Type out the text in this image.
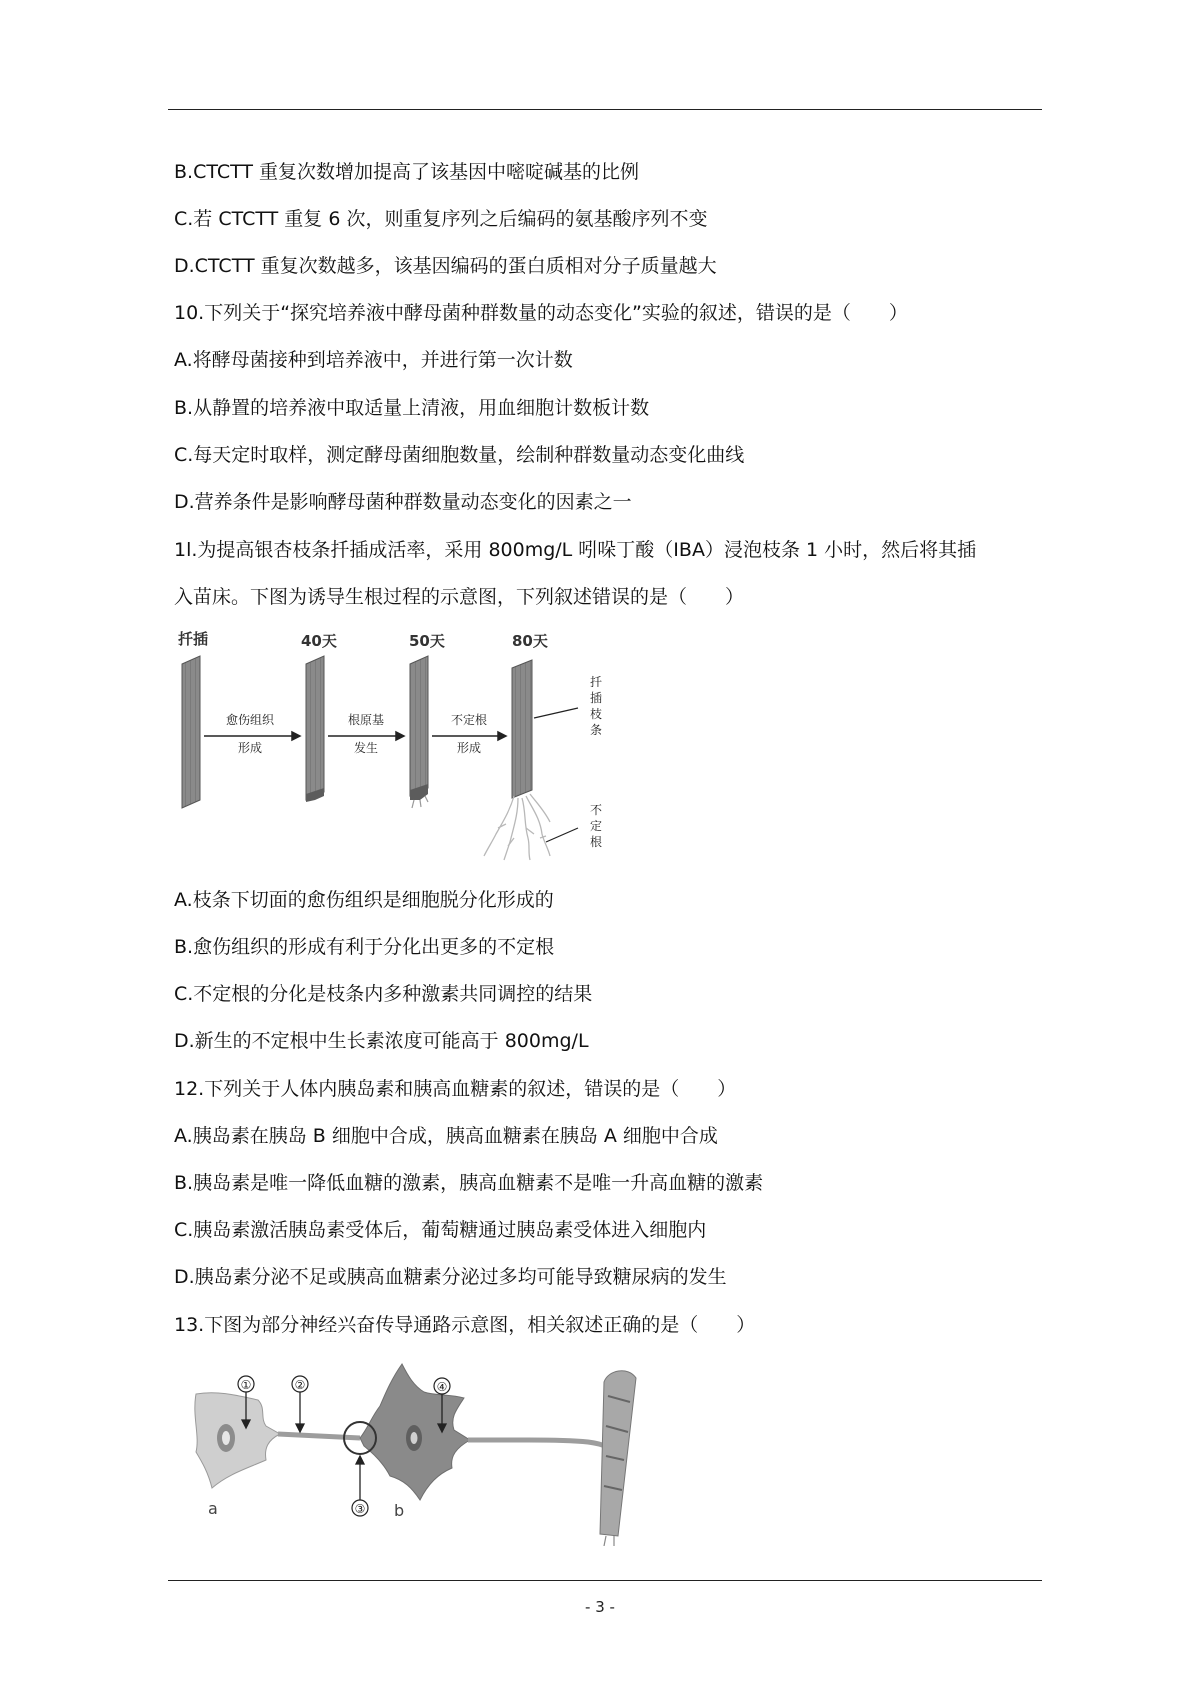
B.CTCTT 重复次数增加提高了该基因中嘧啶碱基的比例
C.若 CTCTT 重复 6 次，则重复序列之后编码的氨基酸序列不变
D.CTCTT 重复次数越多，该基因编码的蛋白质相对分子质量越大
10.下列关于“探究培养液中酵母菌种群数量的动态变化”实验的叙述，错误的是（　　）
A.将酵母菌接种到培养液中，并进行第一次计数
B.从静置的培养液中取适量上清液，用血细胞计数板计数
C.每天定时取样，测定酵母菌细胞数量，绘制种群数量动态变化曲线
D.营养条件是影响酵母菌种群数量动态变化的因素之一
1l.为提高银杏枝条扦插成活率，采用 800mg/L 吲哚丁酸（IBA）浸泡枝条 1 小时，然后将其插
入苗床。下图为诱导生根过程的示意图，下列叙述错误的是（　　）
扦插	40天	50天	80天
愈伤组织
形成
根原基
发生
不定根
形成
扦
插
枝
条
不
定
根
A.枝条下切面的愈伤组织是细胞脱分化形成的
B.愈伤组织的形成有利于分化出更多的不定根
C.不定根的分化是枝条内多种激素共同调控的结果
D.新生的不定根中生长素浓度可能高于 800mg/L
12.下列关于人体内胰岛素和胰高血糖素的叙述，错误的是（　　）
A.胰岛素在胰岛 B 细胞中合成，胰高血糖素在胰岛 A 细胞中合成
B.胰岛素是唯一降低血糖的激素，胰高血糖素不是唯一升高血糖的激素
C.胰岛素激活胰岛素受体后，葡萄糖通过胰岛素受体进入细胞内
D.胰岛素分泌不足或胰高血糖素分泌过多均可能导致糖尿病的发生
13.下图为部分神经兴奋传导通路示意图，相关叙述正确的是（　　）
a	b
①	②
③
④
- 3 -
